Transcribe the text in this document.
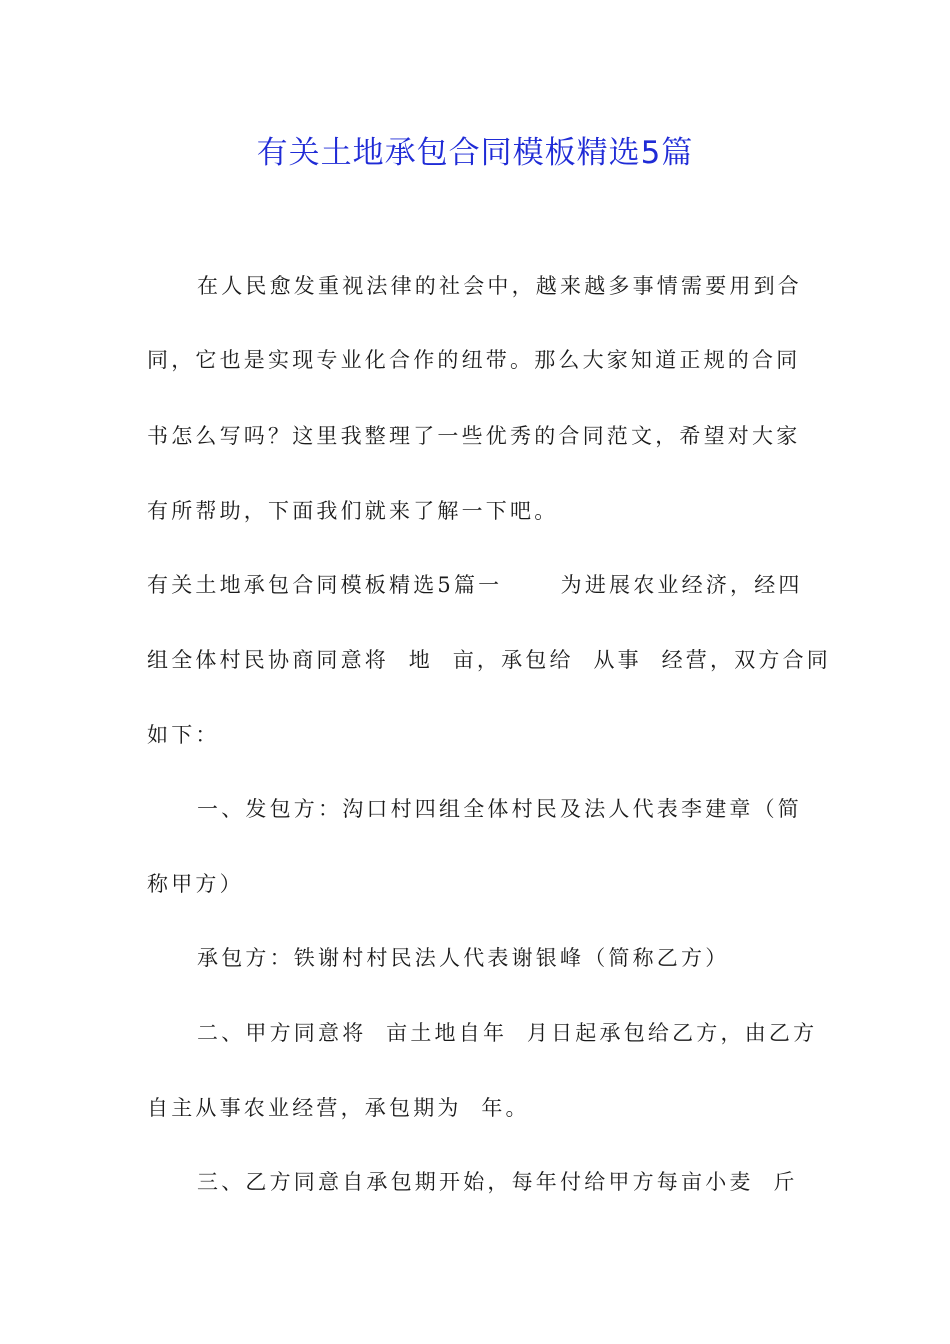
有关土地承包合同模板精选5篇

在人民愈发重视法律的社会中，越来越多事情需要用到合

同，它也是实现专业化合作的纽带。那么大家知道正规的合同

书怎么写吗？这里我整理了一些优秀的合同范文，希望对大家

有所帮助，下面我们就来了解一下吧。

有关土地承包合同模板精选5篇一　　 为进展农业经济，经四

组全体村民协商同意将  地  亩，承包给  从事  经营，双方合同

如下：

一、发包方：沟口村四组全体村民及法人代表李建章（简

称甲方）

承包方：铁谢村村民法人代表谢银峰（简称乙方）

二、甲方同意将  亩土地自年  月日起承包给乙方，由乙方

自主从事农业经营，承包期为  年。

三、乙方同意自承包期开始，每年付给甲方每亩小麦  斤
